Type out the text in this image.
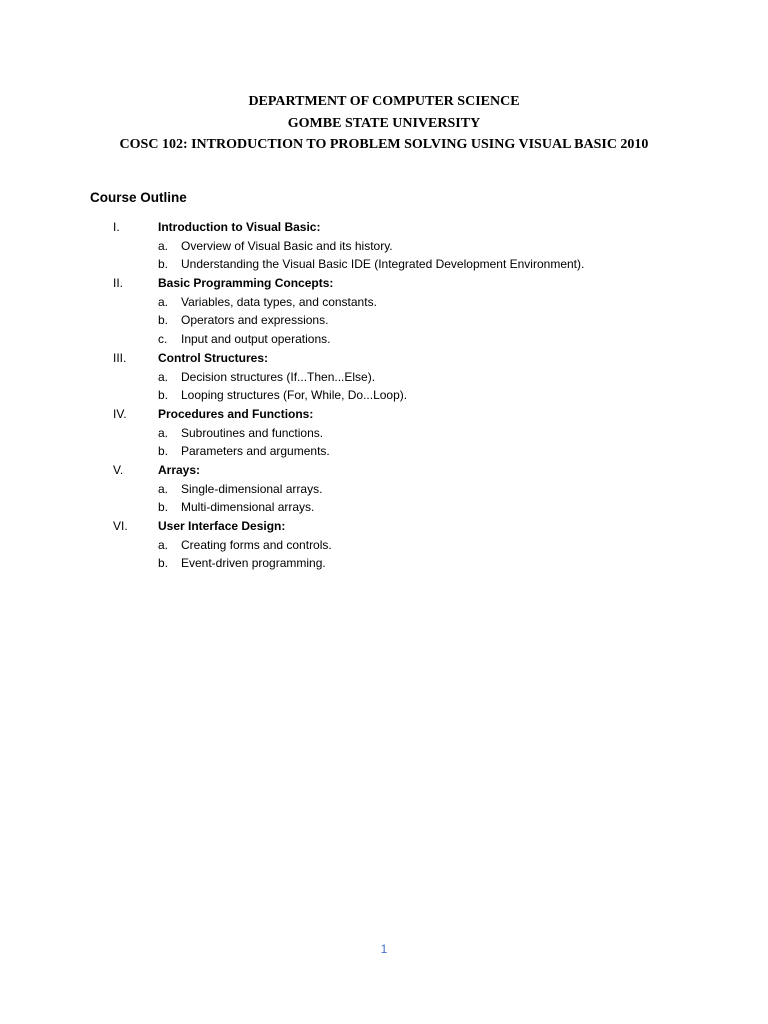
DEPARTMENT OF COMPUTER SCIENCE
GOMBE STATE UNIVERSITY
COSC 102: INTRODUCTION TO PROBLEM SOLVING USING VISUAL BASIC 2010
Course Outline
I.	Introduction to Visual Basic:
a. Overview of Visual Basic and its history.
b. Understanding the Visual Basic IDE (Integrated Development Environment).
II.	Basic Programming Concepts:
a. Variables, data types, and constants.
b. Operators and expressions.
c. Input and output operations.
III.	Control Structures:
a. Decision structures (If...Then...Else).
b. Looping structures (For, While, Do...Loop).
IV.	Procedures and Functions:
a. Subroutines and functions.
b. Parameters and arguments.
V.	Arrays:
a. Single-dimensional arrays.
b. Multi-dimensional arrays.
VI.	User Interface Design:
a. Creating forms and controls.
b. Event-driven programming.
1
